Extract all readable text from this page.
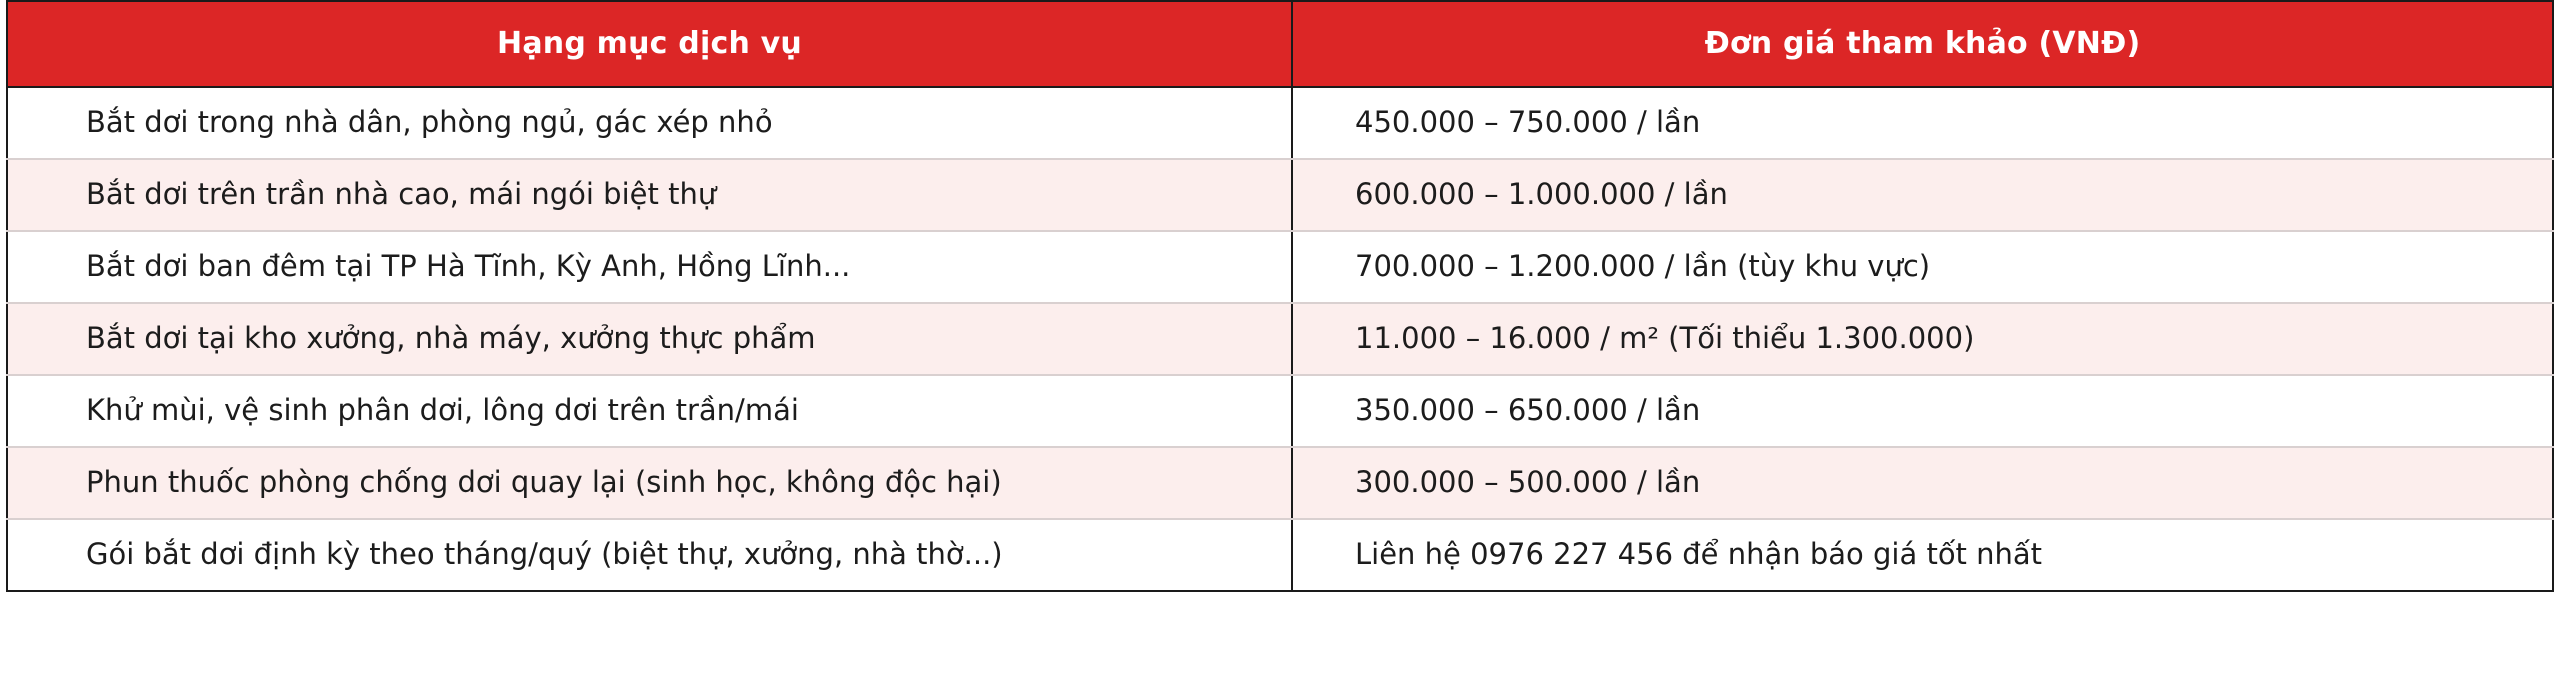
Hạng mục dịch vụ	Đơn giá tham khảo (VNĐ)
Bắt dơi trong nhà dân, phòng ngủ, gác xép nhỏ	450.000 – 750.000 / lần
Bắt dơi trên trần nhà cao, mái ngói biệt thự	600.000 – 1.000.000 / lần
Bắt dơi ban đêm tại TP Hà Tĩnh, Kỳ Anh, Hồng Lĩnh...	700.000 – 1.200.000 / lần (tùy khu vực)
Bắt dơi tại kho xưởng, nhà máy, xưởng thực phẩm	11.000 – 16.000 / m² (Tối thiểu 1.300.000)
Khử mùi, vệ sinh phân dơi, lông dơi trên trần/mái	350.000 – 650.000 / lần
Phun thuốc phòng chống dơi quay lại (sinh học, không độc hại)	300.000 – 500.000 / lần
Gói bắt dơi định kỳ theo tháng/quý (biệt thự, xưởng, nhà thờ...)	Liên hệ 0976 227 456 để nhận báo giá tốt nhất
